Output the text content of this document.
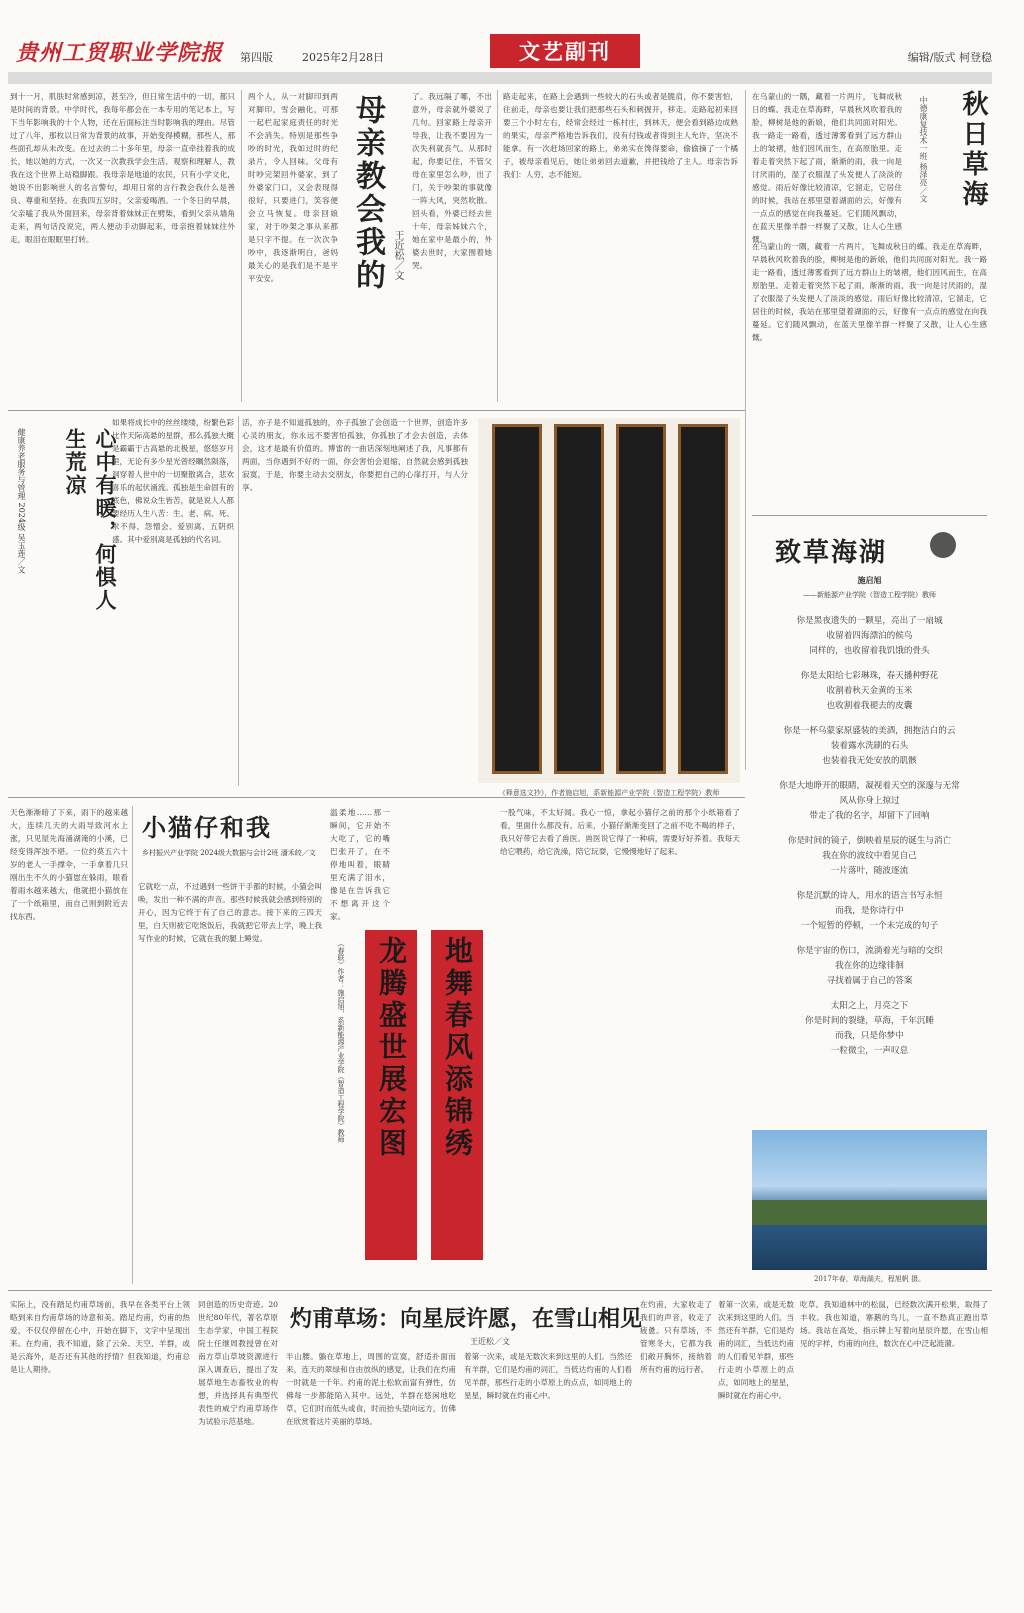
贵州工贸职业学院报 第四版	2025年2月28日	文艺副刊	编辑/版式 柯登稳
到十一月，肌肤时常感到凉，甚至冷，但日常生活中的一切，都只是时间的背景。中学时代，我每年都会在一本专用的笔记本上，写下当年影响我的十个人物，还在后面标注当时影响我的理由。尽管过了八年，那枚以日常为背景的故事，开始变得模糊，那些人，那些面孔却从未改变。在过去的二十多年里，母亲一直牵挂着我的成长，她以她的方式，一次又一次教我学会生活、观察和理解人，教我在这个世界上站稳脚跟。我母亲是地道的农民，只有小学文化，她说不出影响世人的名言警句，却用日常的言行教会我什么是善良、尊重和坚持。在我四五岁时，父亲爱喝酒。一个冬日的早晨，父亲嗑了我从外面回来，母亲背着妹妹正在劈柴，看到父亲从墙角走来，两句话没说完，两人便动手动脚起来，母亲抱着妹妹往外走，眼泪在眼眶里打转。
两个人，从一对脚印到两对脚印，雪会融化，可那一起栏起家庭责任的时光不会消失。特别是那些争吵的时光，我如过时的纪录片，令人回味。父母有时吵完架回外婆家，到了外婆家门口，又会表现得很好，只要进门，笑容便会立马恢复。母亲回娘家，对于吵架之事从来都是只字不提。在一次次争吵中，我逐渐明白，爸妈最关心的是我们是不是平平安安。	母亲教会我的 王近松／文
了。我远隔了哪，不出意外，母亲就外婆说了几句。回家路上母亲开导我，让我不要因为一次失利就丧气。从那时起，你要记住，不管父母在家里怎么吵，出了门，关于吵架的事就像一阵大风，突然吹散。回头看，外婆已经去世十年，母亲姊妹六个，她在家中是最小的，外婆去世时，大家围着她哭。
路走起来，在路上会遇到一些较大的石头或者是脆肩，你不要害怕，往前走，母亲也要让我们把那些石头和刺握开，移走。走路起初来回要三个小时左右，经常会经过一栋村庄，到林天，便会看到路边成熟的果实，母亲严格地告诉我们，没有付钱或者得到主人允许，坚决不能拿。有一次赶场回家的路上，弟弟实在馋得要命，偷偷摘了一个橘子，被母亲看见后，她让弟弟回去道歉，并把钱给了主人。母亲告诉我们：人穷，志不能短。
在乌蒙山的一隅，藏着一片两片，飞舞成秋日的蝶。我走在草海畔，早晨秋风吹着我的脸，柳树是他的新娘，他们共同面对阳光。我一路走一路看，透过薄雾看到了远方群山上的皱褶，他们因风而生，在高原胎里。走着走着突然下起了雨，渐渐的雨，我一向是讨厌雨的，湿了衣服湿了头发便人了淡淡的感觉。雨后好像比较清凉，它溜走，它居住的时候，我站在那里望着湖面的云，好像有一点点的感觉在向我蔓延。它们随风飘动，在蓝天里像羊群一样聚了又散，让人心生感慨。
秋日草海
中德康复技术一班 杨泽亮／文
在乌蒙山的一隅，藏着一片两片，飞舞成秋日的蝶。我走在草海畔，早晨秋风吹着我的脸，柳树是他的新娘，他们共同面对阳光。我一路走一路看，透过薄雾看到了远方群山上的皱褶，他们因风而生，在高原胎里。走着走着突然下起了雨，渐渐的雨，我一向是讨厌雨的，湿了衣服湿了头发便人了淡淡的感觉。雨后好像比较清凉，它溜走，它居住的时候，我站在那里望着湖面的云，好像有一点点的感觉在向我蔓延。它们随风飘动，在蓝天里像羊群一样聚了又散，让人心生感慨。
心中有暖，何惧人生荒凉
健康养老服务与管理 2024级 吴玉莲／文
如果将成长中的丝丝缕缕，纷繁色彩比作天际高悬的星群，那么孤独大概是霸霸于古高悬的北极星，悠悠岁月里，无论有多少星光曾经瞩然陨落，洞穿着人世中的一切聚散离合，悲欢喜乐的起伏涌流。孤独是生命固有的底色，佛说众生皆苦，就是说人人都要经历人生八苦：生、老、病、死、求不得、怨憎会、爱别离、五阴炽盛。其中爱别离是孤独的代名词。
活，亦子是不知道孤独的，亦子孤独了会创造一个世界，创造许多心灵的朋友，你永远不要害怕孤独，你孤独了才会去创造，去体会，这才是最有价值的。博雷的一曲话深刻地阐述了我，凡事都有两面，当你遇到不好的一面，你会害怕会退缩，自然就会感到孤独寂寞，于是，你要主动去交朋友，你要把自己的心扉打开，与人分享。
《释意选文抄》，作者施启旭，系新能源产业学院（智造工程学院）教师
致草海湖
施启旭
——新能源产业学院（智造工程学院）教师
你是黑夜遗失的一颗星，亮出了一扇城
收留着四海漂泊的候鸟
同样的，也收留着我饥饿的骨头
你是太阳给七彩琳珠，春天播种野花
收割着秋天金黄的玉米
也收割着我褪去的皮囊
你是一杯乌蒙家原盛装的美酒，拥抱洁白的云
装着露水洗刷的石头
也装着我无处安放的肌骸
你是大地睁开的眼睛，凝视着天空的深邃与无常
风从你身上掠过
带走了我的名字，却留下了回响
你是时间的镜子，倒映着星辰的诞生与消亡
我在你的波纹中看见自己
一片落叶，随波逐流
你是沉默的诗人，用水的语言书写永恒
而我，是你诗行中
一个短暂的停顿，一个未完成的句子
你是宇宙的伤口，流淌着光与暗的交织
我在你的边缘徘徊
寻找着属于自己的答案
太阳之上，月亮之下
你是时间的裂缝，草海，千年沉睡
而我，只是你梦中
一粒微尘，一声叹息
2017年春，草海湖夫，程旭帆 摄。
天色渐渐暗了下来，雨下的越来越大，连续几天的大雨导致河水上涨，只见屋先海涌湖淹的小溪，已经变得浑浊不堪。一位约莫五六十岁的老人一手撑伞，一手拿着几只刚出生不久的小猫崽在躲雨，眼看着雨水越来越大，他就把小猫放在了一个纸箱里，而自己则到附近去找东西。
小猫仔和我
乡村振兴产业学院 2024级大数据与会计2班 潘禾皎／文
它就吃一点，不过遇到一些饼干手都的时候，小猫会叫唤，发出一种不满的声音。那些时候我就会感到特别的开心，因为它终于有了自己的意志。接下来的三四天里，白天则被它吃饱饭后，我就把它带去上学，晚上我写作业的时候，它就在我的腿上睡觉。
温柔地……那一瞬间，它开始不大吃了，它的嘴巴张开了，在不停地叫着，眼睛里充满了泪水，像是在告诉我它不想离开这个家。
龙腾盛世展宏图 地舞春风添锦绣
（春联）作者：施启旭，系新能源产业学院（智造工程学院）教师
一股气味，不太好闻。我心一惊，拿起小猫仔之前的那个小纸箱看了看，里面什么都没有。后来，小猫仔渐渐变回了之前不吃不喝的样子，我只好带它去看了兽医。兽医说它得了一种病，需要好好养着。我每天给它喂药，给它洗澡，陪它玩耍，它慢慢地好了起来。
实际上，没有踏足灼甫草场前，我早在各类平台上领略到来自灼甫草场的诗意和美。踏足灼甫，灼甫的热爱，不仅仅停留在心中，开始在脚下，文字中呈现出来。在灼甫，我不知道，除了云朵、天空、羊群，或是云海外，是否还有其他的抒情？但我知道，灼甫总是让人期待。
灼甫草场：向星辰许愿，在雪山相见
王近松／文
同创造的历史奇迹。20世纪80年代，著名草原生态学家，中国工程院院士任继周教授曾在对南方草山草坡资源进行深入调查后，提出了发展草地生态畜牧业的构想，并选择具有典型代表性的威宁灼甫草场作为试验示范基地。
半山腰。躺在草地上，周围的宣寞，舒适扑面而来，连天的翠绿和自由放纵的感觉，让我们在灼甫一时就是一千年。约甫的泥土松软而富有弹性，仿佛每一步都能陷入其中。远处，羊群在悠闲地吃草，它们时而低头或食，时而抬头望向远方，仿佛在欣赏着这片美丽的草场。
着第一次来，或是无数次来到这里的人们。当然还有羊群，它们是灼甫的词汇，当低达灼甫的人们看见羊群，那些行走的小草原上的点点，如同地上的星星，瞬时就在灼甫心中。
在灼甫，大家收走了我们的声音，收走了疲惫。只有草场，不管寒冬大，它都为我们敞开胸怀，接纳着所有灼甫的远行者。
吃草。我知道林中的松鼠，已经数次满开松果，取得了丰收。我也知道，寨鹅的鸟儿，一直不愁真正跑出草场。我站在高处，指示牌上写着向星辰许愿，在雪山相见的字样，灼甫的向往，数次在心中泛起涟漪。
着第一次来，或是无数次来到这里的人们。当然还有羊群，它们是灼甫的词汇，当低达灼甫的人们看见羊群，那些行走的小草原上的点点，如同地上的星星，瞬时就在灼甫心中。
